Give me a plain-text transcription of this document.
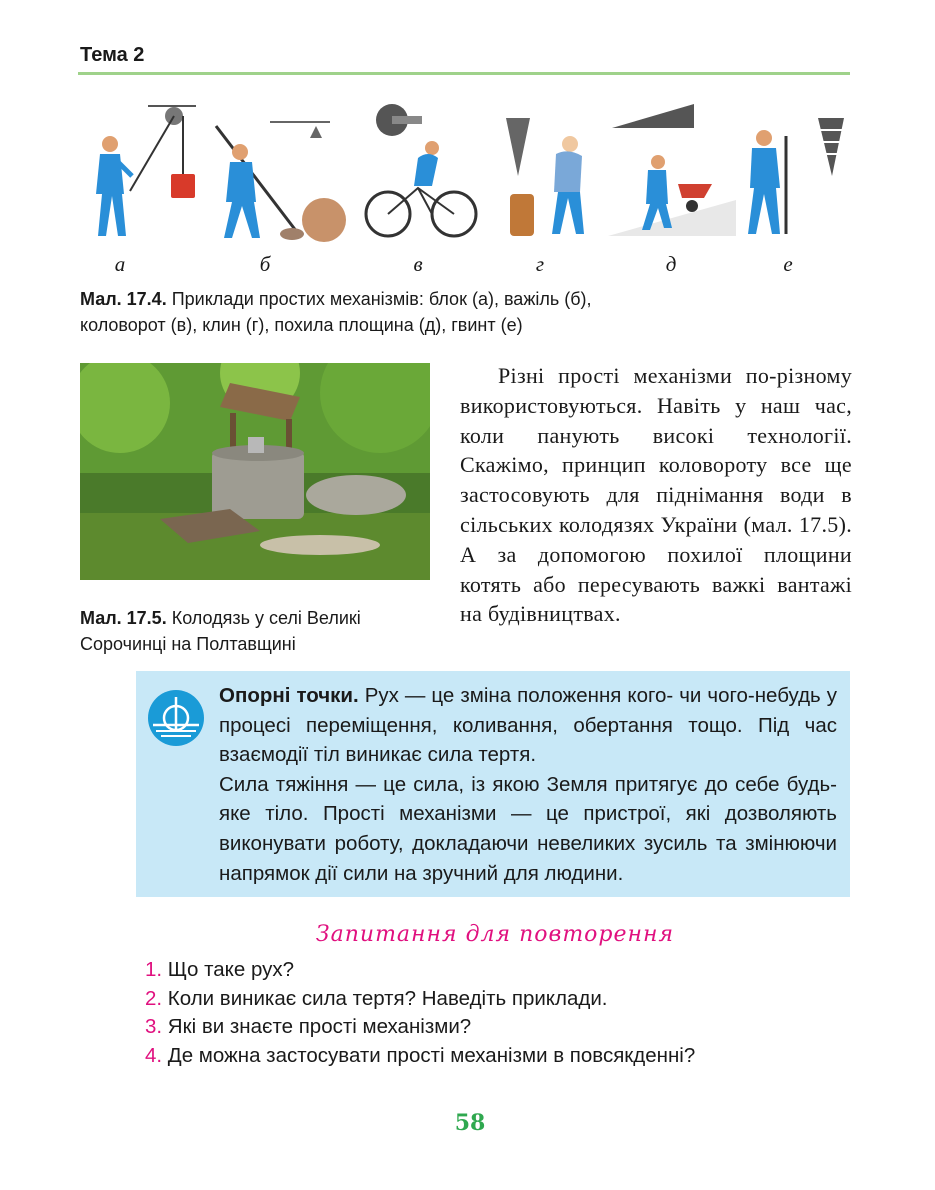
Тема 2
а	б	в	г	д	е
Мал. 17.4. Приклади простих механізмів: блок (а), важіль (б),
коловорот (в), клин (г), похила площина (д), гвинт (е)
Мал. 17.5. Колодязь у селі Великі
Сорочинці на Полтавщині

Різні прості механізми по-різному використовуються. Навіть у наш час, коли панують високі технології. Скажімо, принцип коловороту все ще застосовують для піднімання води в сільських колодязях України (мал. 17.5). А за допомогою похилої площини котять або пересувають важкі вантажі на будівництвах.

Опорні точки. Рух — це зміна положення кого- чи чого-небудь у процесі переміщення, коливання, обертання тощо. Під час взаємодії тіл виникає сила тертя.

Сила тяжіння — це сила, із якою Земля притягує до себе будь-яке тіло. Прості механізми — це пристрої, які дозволяють виконувати роботу, докладаючи невеликих зусиль та змінюючи напрямок дії сили на зручний для людини.

Запитання для повторення
1. Що таке рух?
2. Коли виникає сила тертя? Наведіть приклади.
3. Які ви знаєте прості механізми?
4. Де можна застосувати прості механізми в повсякденні?
58
